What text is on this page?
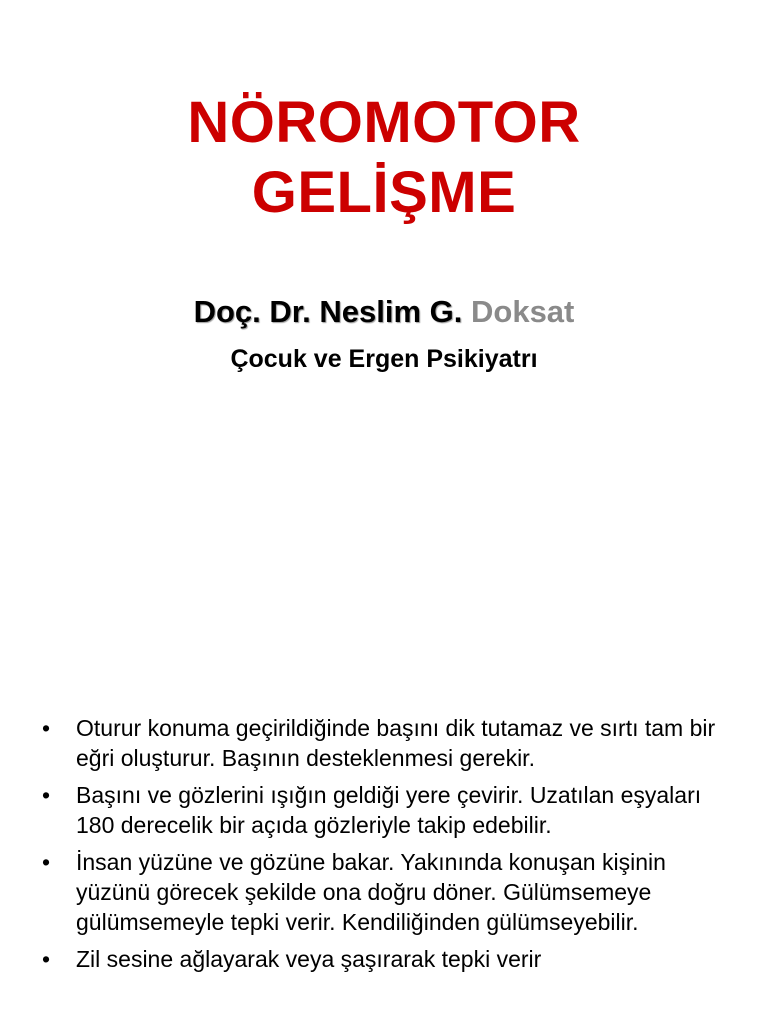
NÖROMOTOR
GELİŞME
Doç. Dr. Neslim G. Doksat
Çocuk ve Ergen Psikiyatrı
•	Oturur konuma geçirildiğinde başını dik tutamaz ve sırtı tam bir eğri oluşturur. Başının desteklenmesi gerekir.
•	Başını ve gözlerini ışığın geldiği yere çevirir. Uzatılan eşyaları 180 derecelik bir açıda gözleriyle takip edebilir.
•	İnsan yüzüne ve gözüne bakar. Yakınında konuşan kişinin yüzünü görecek şekilde ona doğru döner. Gülümsemeye gülümsemeyle tepki verir. Kendiliğinden gülümseyebilir.
•	Zil sesine ağlayarak veya şaşırarak tepki verir
